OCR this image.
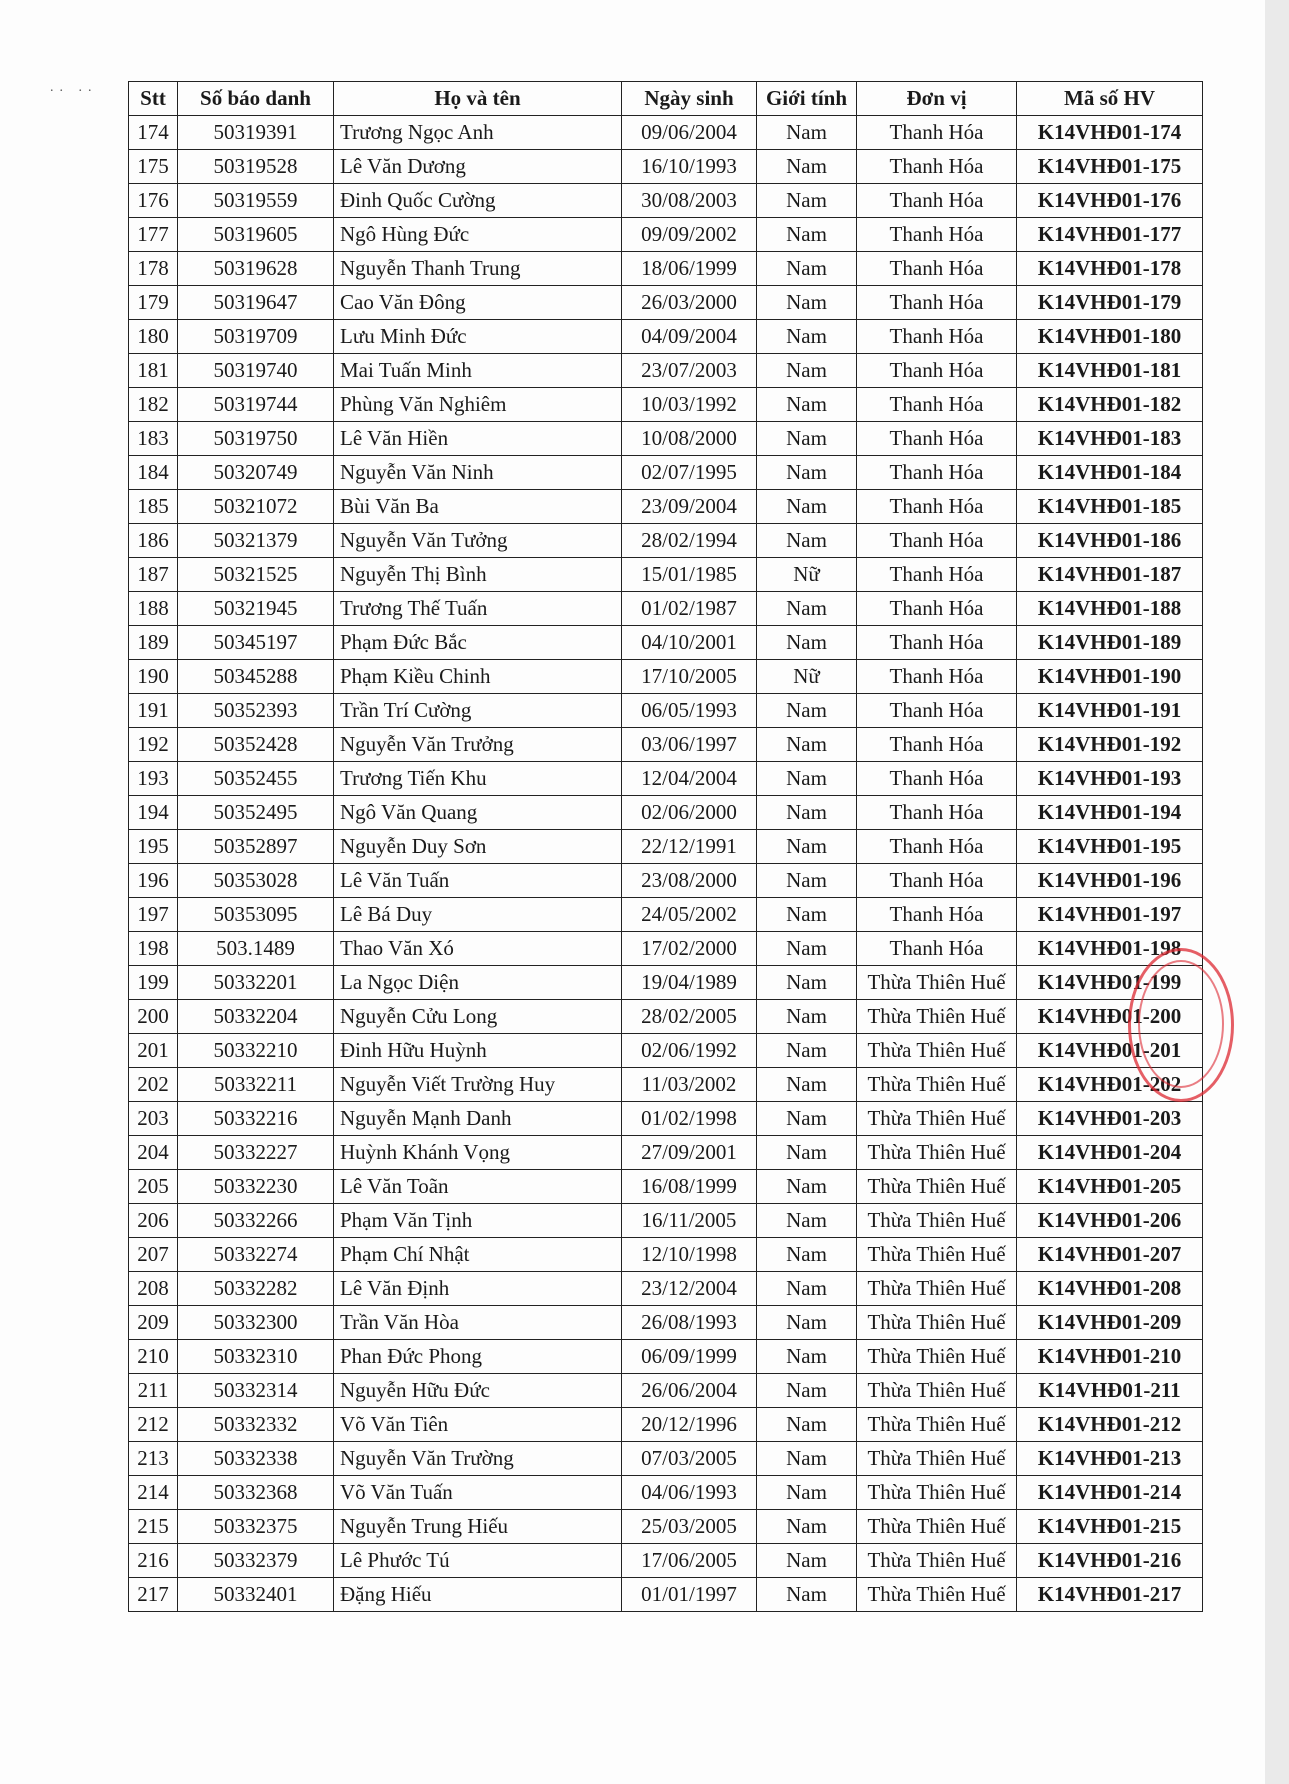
.. .. Stt	Số báo danh	Họ và tên	Ngày sinh	Giới tính	Đơn vị	Mã số HV
174	50319391	Trương Ngọc Anh	09/06/2004	Nam	Thanh Hóa	K14VHĐ01-174
175	50319528	Lê Văn Dương	16/10/1993	Nam	Thanh Hóa	K14VHĐ01-175
176	50319559	Đinh Quốc Cường	30/08/2003	Nam	Thanh Hóa	K14VHĐ01-176
177	50319605	Ngô Hùng Đức	09/09/2002	Nam	Thanh Hóa	K14VHĐ01-177
178	50319628	Nguyễn Thanh Trung	18/06/1999	Nam	Thanh Hóa	K14VHĐ01-178
179	50319647	Cao Văn Đông	26/03/2000	Nam	Thanh Hóa	K14VHĐ01-179
180	50319709	Lưu Minh Đức	04/09/2004	Nam	Thanh Hóa	K14VHĐ01-180
181	50319740	Mai Tuấn Minh	23/07/2003	Nam	Thanh Hóa	K14VHĐ01-181
182	50319744	Phùng Văn Nghiêm	10/03/1992	Nam	Thanh Hóa	K14VHĐ01-182
183	50319750	Lê Văn Hiền	10/08/2000	Nam	Thanh Hóa	K14VHĐ01-183
184	50320749	Nguyễn Văn Ninh	02/07/1995	Nam	Thanh Hóa	K14VHĐ01-184
185	50321072	Bùi Văn Ba	23/09/2004	Nam	Thanh Hóa	K14VHĐ01-185
186	50321379	Nguyễn Văn Tưởng	28/02/1994	Nam	Thanh Hóa	K14VHĐ01-186
187	50321525	Nguyễn Thị Bình	15/01/1985	Nữ	Thanh Hóa	K14VHĐ01-187
188	50321945	Trương Thế Tuấn	01/02/1987	Nam	Thanh Hóa	K14VHĐ01-188
189	50345197	Phạm Đức Bắc	04/10/2001	Nam	Thanh Hóa	K14VHĐ01-189
190	50345288	Phạm Kiều Chinh	17/10/2005	Nữ	Thanh Hóa	K14VHĐ01-190
191	50352393	Trần Trí Cường	06/05/1993	Nam	Thanh Hóa	K14VHĐ01-191
192	50352428	Nguyễn Văn Trưởng	03/06/1997	Nam	Thanh Hóa	K14VHĐ01-192
193	50352455	Trương Tiến Khu	12/04/2004	Nam	Thanh Hóa	K14VHĐ01-193
194	50352495	Ngô Văn Quang	02/06/2000	Nam	Thanh Hóa	K14VHĐ01-194
195	50352897	Nguyễn Duy Sơn	22/12/1991	Nam	Thanh Hóa	K14VHĐ01-195
196	50353028	Lê Văn Tuấn	23/08/2000	Nam	Thanh Hóa	K14VHĐ01-196
197	50353095	Lê Bá Duy	24/05/2002	Nam	Thanh Hóa	K14VHĐ01-197
198	503.1489	Thao Văn Xó	17/02/2000	Nam	Thanh Hóa	K14VHĐ01-198
199	50332201	La Ngọc Diện	19/04/1989	Nam	Thừa Thiên Huế	K14VHĐ01-199
200	50332204	Nguyễn Cửu Long	28/02/2005	Nam	Thừa Thiên Huế	K14VHĐ01-200
201	50332210	Đinh Hữu Huỳnh	02/06/1992	Nam	Thừa Thiên Huế	K14VHĐ01-201
202	50332211	Nguyễn Viết Trường Huy	11/03/2002	Nam	Thừa Thiên Huế	K14VHĐ01-202
203	50332216	Nguyễn Mạnh Danh	01/02/1998	Nam	Thừa Thiên Huế	K14VHĐ01-203
204	50332227	Huỳnh Khánh Vọng	27/09/2001	Nam	Thừa Thiên Huế	K14VHĐ01-204
205	50332230	Lê Văn Toãn	16/08/1999	Nam	Thừa Thiên Huế	K14VHĐ01-205
206	50332266	Phạm Văn Tịnh	16/11/2005	Nam	Thừa Thiên Huế	K14VHĐ01-206
207	50332274	Phạm Chí Nhật	12/10/1998	Nam	Thừa Thiên Huế	K14VHĐ01-207
208	50332282	Lê Văn Định	23/12/2004	Nam	Thừa Thiên Huế	K14VHĐ01-208
209	50332300	Trần Văn Hòa	26/08/1993	Nam	Thừa Thiên Huế	K14VHĐ01-209
210	50332310	Phan Đức Phong	06/09/1999	Nam	Thừa Thiên Huế	K14VHĐ01-210
211	50332314	Nguyễn Hữu Đức	26/06/2004	Nam	Thừa Thiên Huế	K14VHĐ01-211
212	50332332	Võ Văn Tiên	20/12/1996	Nam	Thừa Thiên Huế	K14VHĐ01-212
213	50332338	Nguyễn Văn Trường	07/03/2005	Nam	Thừa Thiên Huế	K14VHĐ01-213
214	50332368	Võ Văn Tuấn	04/06/1993	Nam	Thừa Thiên Huế	K14VHĐ01-214
215	50332375	Nguyễn Trung Hiếu	25/03/2005	Nam	Thừa Thiên Huế	K14VHĐ01-215
216	50332379	Lê Phước Tú	17/06/2005	Nam	Thừa Thiên Huế	K14VHĐ01-216
217	50332401	Đặng Hiếu	01/01/1997	Nam	Thừa Thiên Huế	K14VHĐ01-217
